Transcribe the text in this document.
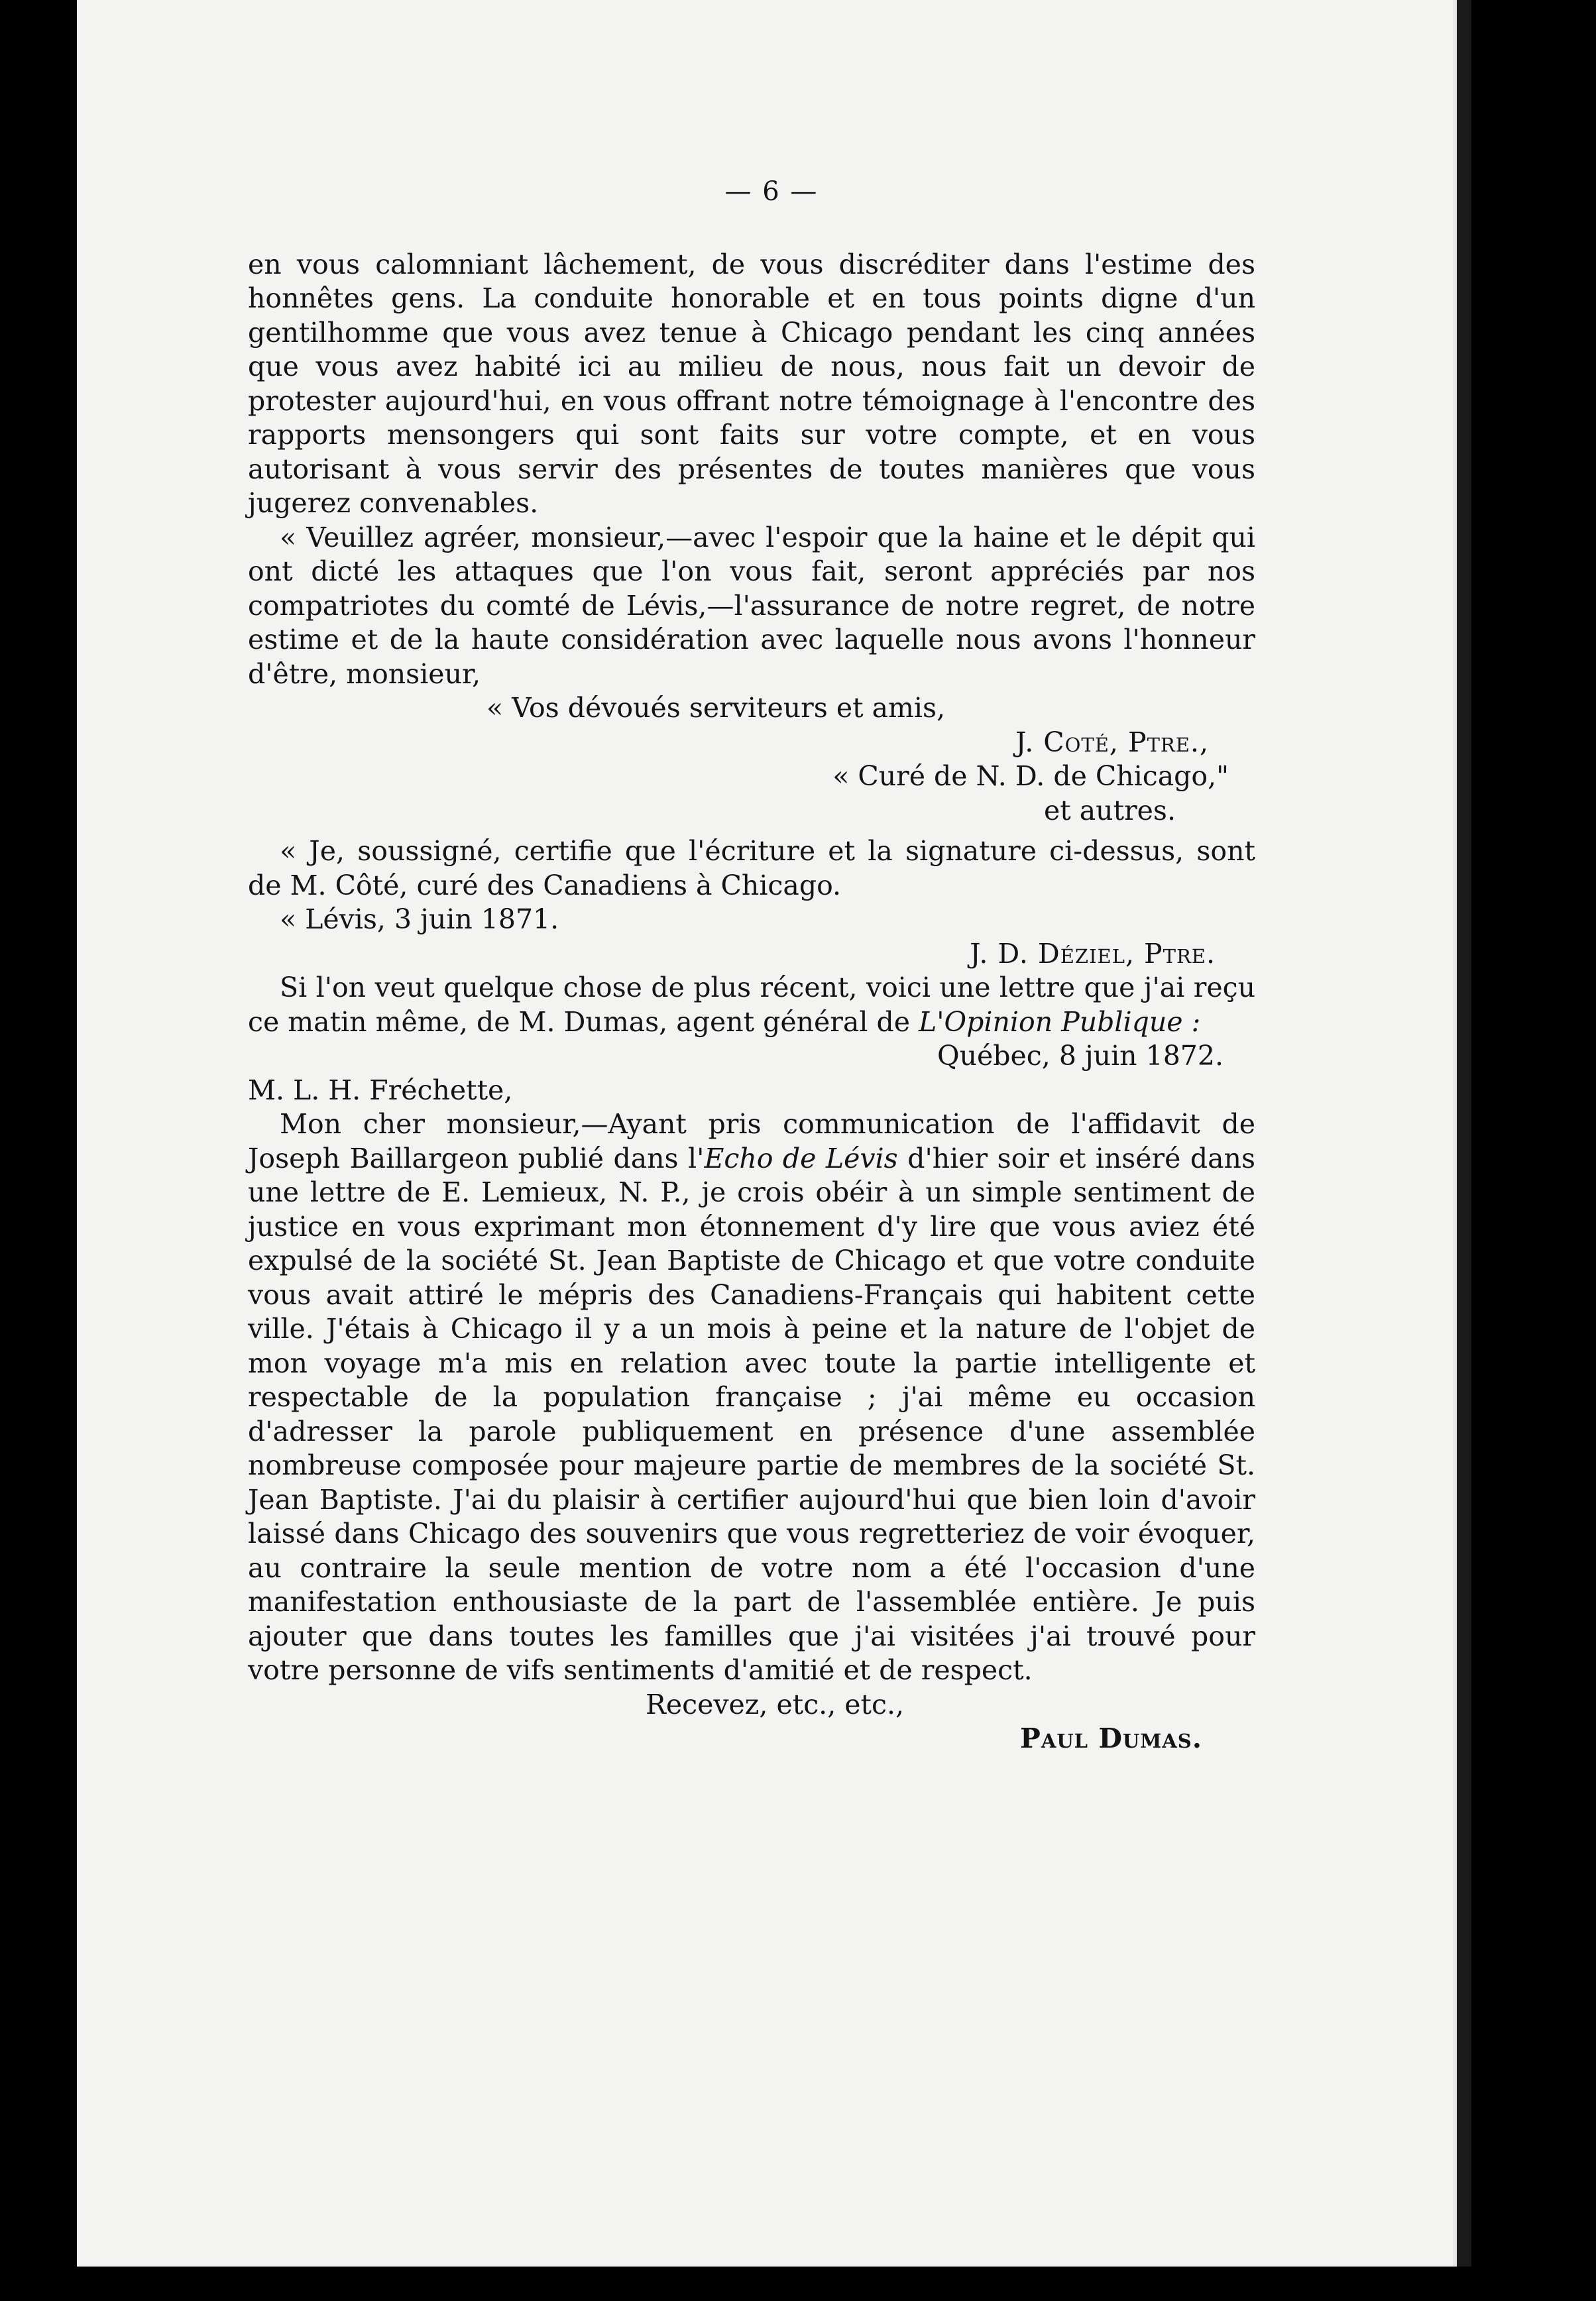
— 6 —

en vous calomniant lâchement, de vous discréditer dans l'estime des honnêtes gens. La conduite honorable et en tous points digne d'un gentilhomme que vous avez tenue à Chicago pendant les cinq années que vous avez habité ici au milieu de nous, nous fait un devoir de protester aujourd'hui, en vous offrant notre témoignage à l'encontre des rapports mensongers qui sont faits sur votre compte, et en vous autorisant à vous servir des présentes de toutes manières que vous jugerez convenables.

« Veuillez agréer, monsieur,—avec l'espoir que la haine et le dépit qui ont dicté les attaques que l'on vous fait, seront appréciés par nos compatriotes du comté de Lévis,—l'assurance de notre regret, de notre estime et de la haute considération avec laquelle nous avons l'honneur d'être, monsieur,

« Vos dévoués serviteurs et amis,

J. Coté, Ptre.,

« Curé de N. D. de Chicago,"

et autres.

« Je, soussigné, certifie que l'écriture et la signature ci-dessus, sont de M. Côté, curé des Canadiens à Chicago.

« Lévis, 3 juin 1871.

J. D. Déziel, Ptre.

Si l'on veut quelque chose de plus récent, voici une lettre que j'ai reçu ce matin même, de M. Dumas, agent général de L'Opinion Publique :

Québec, 8 juin 1872.

M. L. H. Fréchette,

Mon cher monsieur,—Ayant pris communication de l'affidavit de Joseph Baillargeon publié dans l'Echo de Lévis d'hier soir et inséré dans une lettre de E. Lemieux, N. P., je crois obéir à un simple sentiment de justice en vous exprimant mon étonnement d'y lire que vous aviez été expulsé de la société St. Jean Baptiste de Chicago et que votre conduite vous avait attiré le mépris des Canadiens-Français qui habitent cette ville. J'étais à Chicago il y a un mois à peine et la nature de l'objet de mon voyage m'a mis en relation avec toute la partie intelligente et respectable de la population française ; j'ai même eu occasion d'adresser la parole publiquement en présence d'une assemblée nombreuse composée pour majeure partie de membres de la société St. Jean Baptiste. J'ai du plaisir à certifier aujourd'hui que bien loin d'avoir laissé dans Chicago des souvenirs que vous regretteriez de voir évoquer, au contraire la seule mention de votre nom a été l'occasion d'une manifestation enthousiaste de la part de l'assemblée entière. Je puis ajouter que dans toutes les familles que j'ai visitées j'ai trouvé pour votre personne de vifs sentiments d'amitié et de respect.

Recevez, etc., etc.,

Paul Dumas.
